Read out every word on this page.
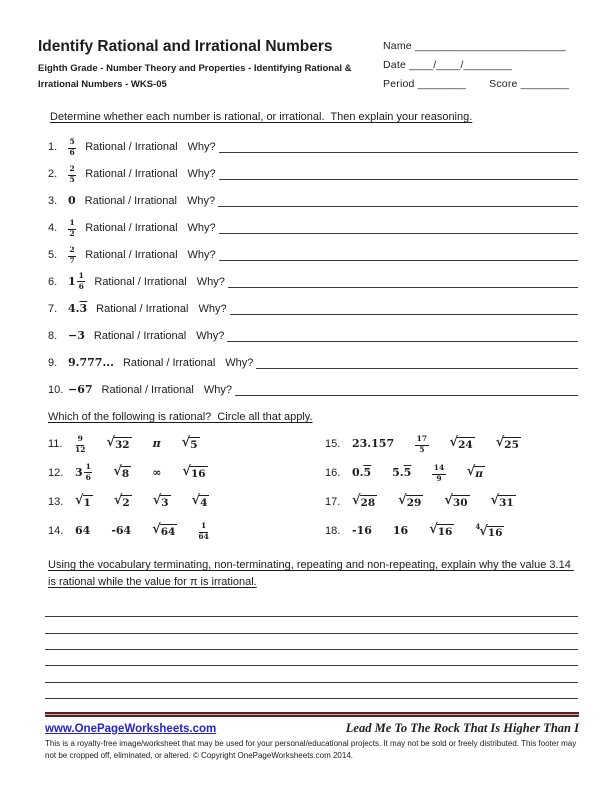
Identify Rational and Irrational Numbers
Eighth Grade - Number Theory and Properties - Identifying Rational & Irrational Numbers - WKS-05
Name _________________________
Date ____/____/________
Period ________ Score ________
Determine whether each number is rational, or irrational.  Then explain your reasoning.
1.	$\frac{5}{6}$ Rational / Irrational Why?
2.	$\frac{2}{5}$ Rational / Irrational Why?
3. 0 Rational / Irrational Why?
4.	$\frac{1}{2}$ Rational / Irrational Why?
5.	$\frac{2}{7}$ Rational / Irrational Why?
6. $1 \frac{1}{6}$ Rational / Irrational Why?
7. 4. 3 Rational / Irrational Why?
8. −3 Rational / Irrational Why?
9. 9.777... Rational / Irrational Why?
10. −67 Rational / Irrational Why?
Which of the following is rational?  Circle all that apply.
11.	$\frac{9}{12}$ √ 32 π √ 5
12.	$3 \frac{1}{6}$ √ 8 ∞ √ 16
13. √ 1 √ 2 √ 3 √ 4
14.	64 -64 √ 64	$\frac{1}{64}$
15.	23.157	$\frac{17}{5}$ √ 24 √ 25
16.	0. 5 5. 5	$\frac{14}{9}$ √ π
17. √ 28 √ 29 √ 30 √ 31
18.	-16 16 √ 16	$^4$ √ 16
Using the vocabulary terminating, non-terminating, repeating and non-repeating, explain why the value 3.14 is rational while the value for π is irrational.
www.OnePageWorksheets.com	Lead Me To The Rock That Is Higher Than I
This is a royalty-free image/worksheet that may be used for your personal/educational projects. It may not be sold or freely distributed. This footer may not be cropped off, eliminated, or altered. © Copyright OnePageWorksheets.com 2014.
